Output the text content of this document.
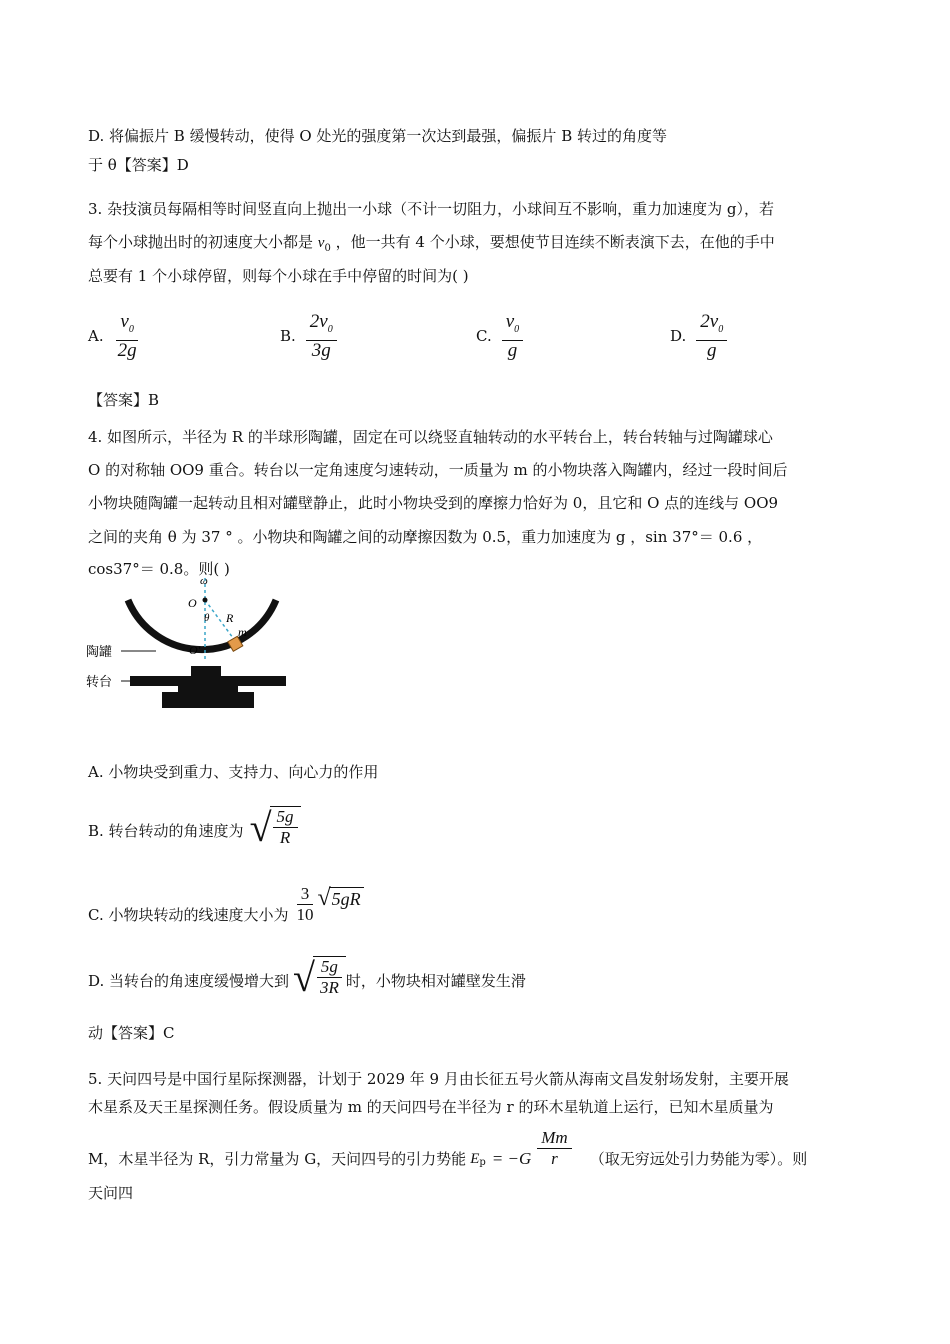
D. 将偏振片 B 缓慢转动，使得 O 处光的强度第一次达到最强，偏振片 B 转过的角度等
于 θ【答案】D
3. 杂技演员每隔相等时间竖直向上抛出一小球（不计一切阻力，小球间互不影响，重力加速度为 g），若
每个小球抛出时的初速度大小都是 $v_0$ ，他一共有 4 个小球，要想使节目连续不断表演下去，在他的手中
总要有 1 个小球停留，则每个小球在手中停留的时间为( )
A. $\frac{v_0}{2g}$	B. $\frac{2v_0}{3g}$	C. $\frac{v_0}{g}$	D. $\frac{2v_0}{g}$
【答案】B
4. 如图所示，半径为 R 的半球形陶罐，固定在可以绕竖直轴转动的水平转台上，转台转轴与过陶罐球心
O 的对称轴 OO9 重合。转台以一定角速度匀速转动，一质量为 m 的小物块落入陶罐内，经过一段时间后
小物块随陶罐一起转动且相对罐壁静止，此时小物块受到的摩擦力恰好为 0，且它和 O 点的连线与 OO9
之间的夹角 θ 为 37 ° 。小物块和陶罐之间的动摩擦因数为 0.5，重力加速度为 g ，sin 37°＝ 0.6 ，
cos37°＝ 0.8。则( )
ω
O
θ R
m
O'
陶罐
转台
A. 小物块受到重力、支持力、向心力的作用
B. 转台转动的角速度为 √ $\frac{5g}{R}$
C. 小物块转动的线速度大小为 $\frac{3}{10}$ √ 5gR
D. 当转台的角速度缓慢增大到 √ $\frac{5g}{3R}$ 时，小物块相对罐壁发生滑
动【答案】C
5. 天问四号是中国行星际探测器，计划于 2029 年 9 月由长征五号火箭从海南文昌发射场发射，主要开展
木星系及天王星探测任务。假设质量为 m 的天问四号在半径为 r 的环木星轨道上运行，已知木星质量为
M，木星半径为 R，引力常量为 G，天问四号的引力势能 $E_p = -G \frac{Mm}{r}$ （取无穷远处引力势能为零）。则
天问四
